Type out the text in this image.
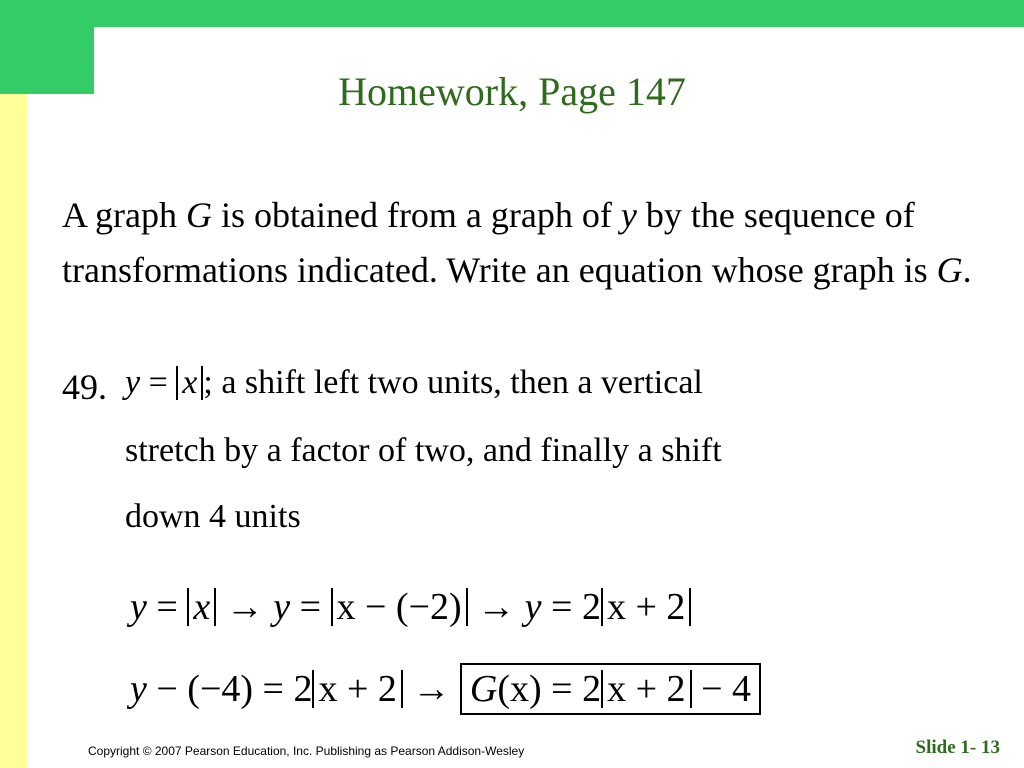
Homework, Page 147
A graph G is obtained from a graph of y by the sequence of transformations indicated. Write an equation whose graph is G.
49. y = x ; a shift left two units, then a vertical
stretch by a factor of two, and finally a shift
down 4 units
y = x → y = x − (−2) → y = 2 x + 2
y − (−4) = 2 x + 2 → G(x) = 2 x + 2 − 4
Copyright © 2007 Pearson Education, Inc. Publishing as Pearson Addison-Wesley	Slide 1- 13
